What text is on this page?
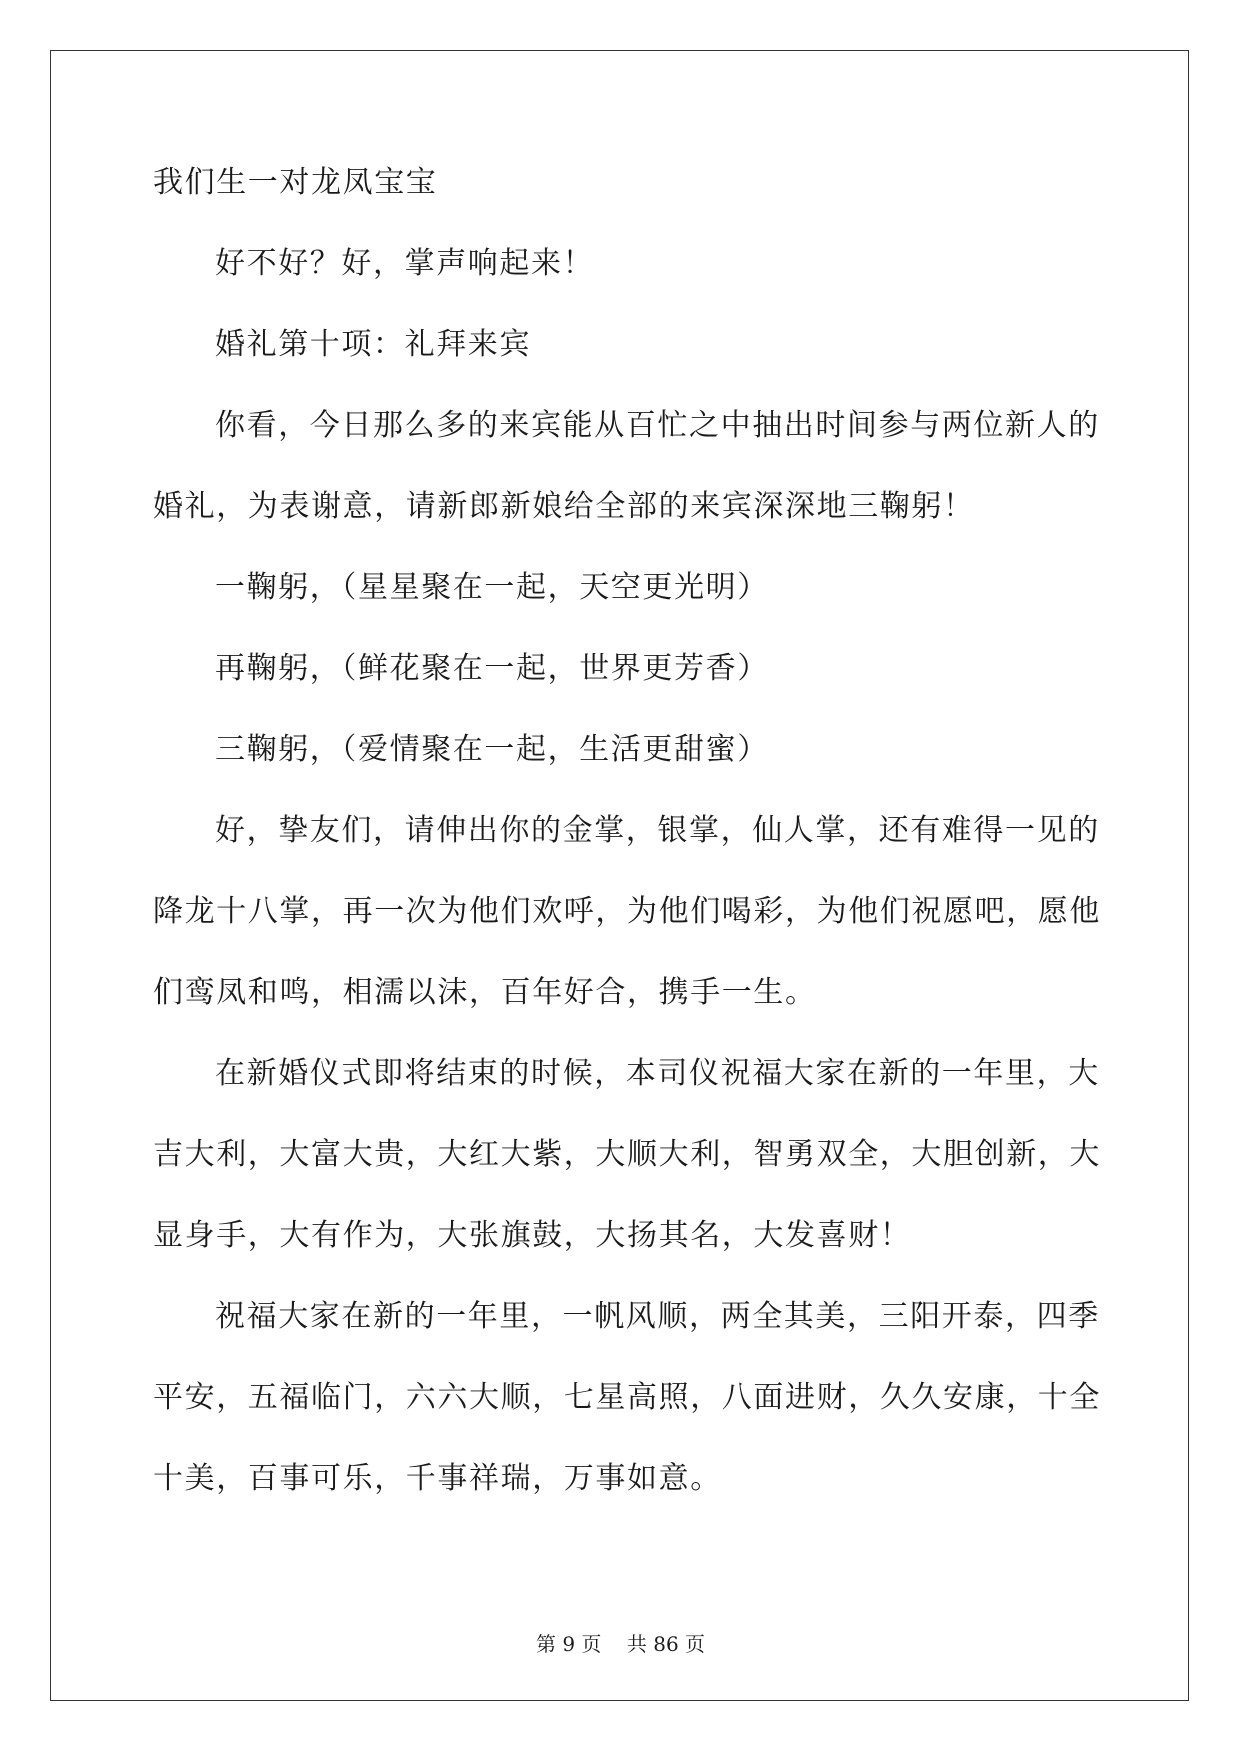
我们生一对龙凤宝宝
好不好？好，掌声响起来！
婚礼第十项：礼拜来宾
你看，今日那么多的来宾能从百忙之中抽出时间参与两位新人的
婚礼，为表谢意，请新郎新娘给全部的来宾深深地三鞠躬！
一鞠躬，（星星聚在一起，天空更光明）
再鞠躬，（鲜花聚在一起，世界更芳香）
三鞠躬，（爱情聚在一起，生活更甜蜜）
好，挚友们，请伸出你的金掌，银掌，仙人掌，还有难得一见的
降龙十八掌，再一次为他们欢呼，为他们喝彩，为他们祝愿吧，愿他
们鸾凤和鸣，相濡以沫，百年好合，携手一生。
在新婚仪式即将结束的时候，本司仪祝福大家在新的一年里，大
吉大利，大富大贵，大红大紫，大顺大利，智勇双全，大胆创新，大
显身手，大有作为，大张旗鼓，大扬其名，大发喜财！
祝福大家在新的一年里，一帆风顺，两全其美，三阳开泰，四季
平安，五福临门，六六大顺，七星高照，八面进财，久久安康，十全
十美，百事可乐，千事祥瑞，万事如意。
第 9 页 共 86 页
